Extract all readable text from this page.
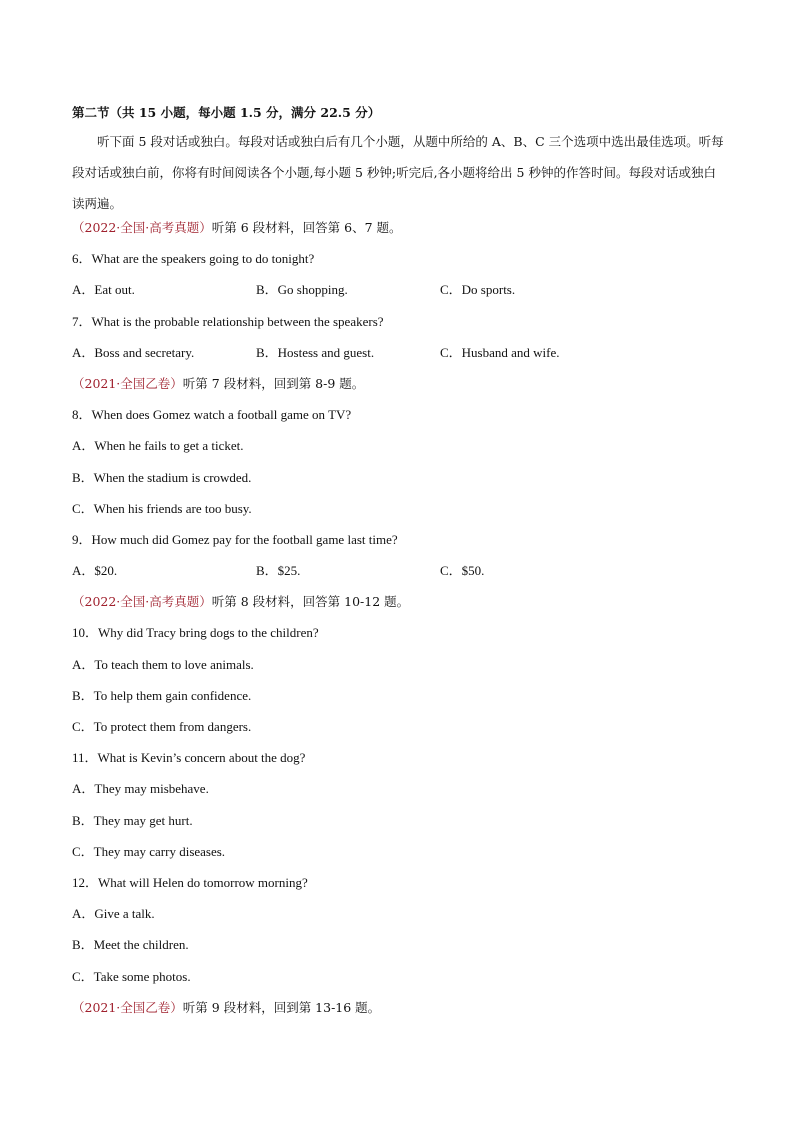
第二节（共 15 小题，每小题 1.5 分，满分 22.5 分）
听下面 5 段对话或独白。每段对话或独白后有几个小题，从题中所给的 A、B、C 三个选项中选出最佳选项。听每段对话或独白前，你将有时间阅读各个小题,每小题 5 秒钟;听完后,各小题将给出 5 秒钟的作答时间。每段对话或独白读两遍。
（2022·全国·高考真题） 听第 6 段材料，回答第 6、7 题。
6．What are the speakers going to do tonight?
A．Eat out.	B．Go shopping.	C．Do sports.
7．What is the probable relationship between the speakers?
A．Boss and secretary.	B．Hostess and guest.	C．Husband and wife.
（2021·全国乙卷） 听第 7 段材料，回到第 8-9 题。
8．When does Gomez watch a football game on TV?
A．When he fails to get a ticket.
B．When the stadium is crowded.
C．When his friends are too busy.
9．How much did Gomez pay for the football game last time?
A．$20.	B．$25.	C．$50.
（2022·全国·高考真题） 听第 8 段材料，回答第 10-12 题。
10．Why did Tracy bring dogs to the children?
A．To teach them to love animals.
B．To help them gain confidence.
C．To protect them from dangers.
11．What is Kevin’s concern about the dog?
A．They may misbehave.
B．They may get hurt.
C．They may carry diseases.
12．What will Helen do tomorrow morning?
A．Give a talk.
B．Meet the children.
C．Take some photos.
（2021·全国乙卷） 听第 9 段材料，回到第 13-16 题。
